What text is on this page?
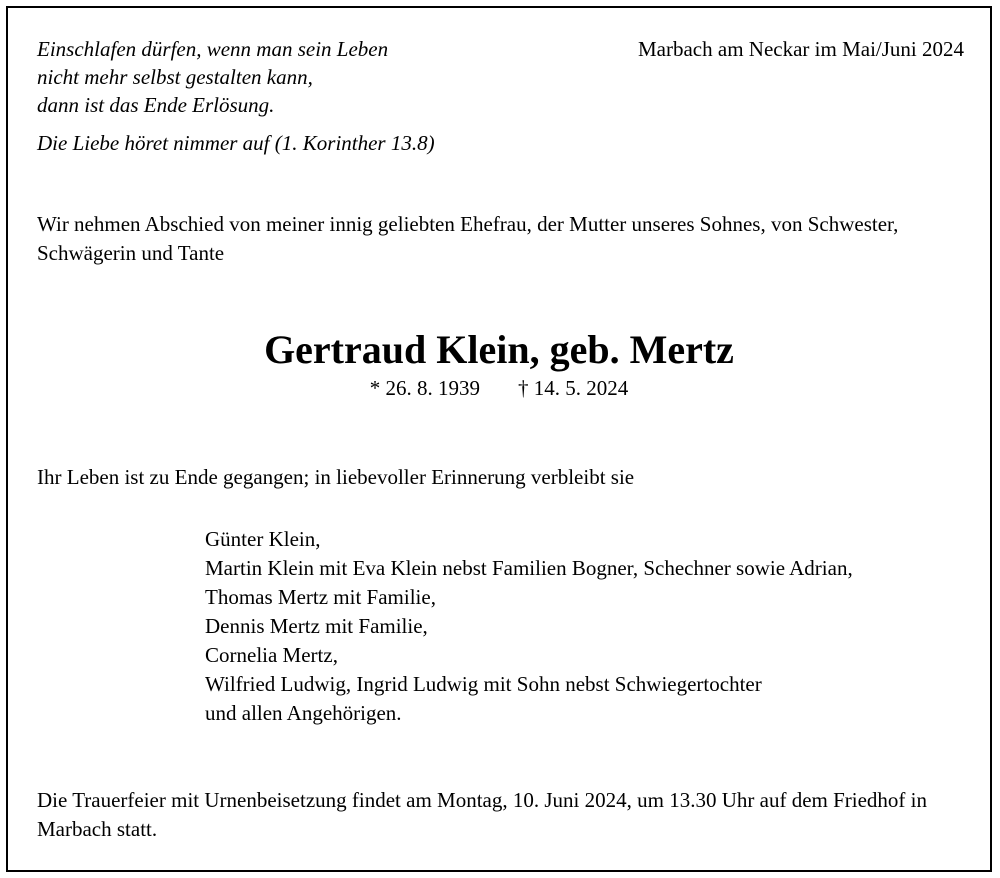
Einschlafen dürfen, wenn man sein Leben
nicht mehr selbst gestalten kann,
dann ist das Ende Erlösung.
Die Liebe höret nimmer auf (1. Korinther 13.8)
Marbach am Neckar im Mai/Juni 2024
Wir nehmen Abschied von meiner innig geliebten Ehefrau, der Mutter unseres Sohnes, von Schwester, Schwägerin und Tante
Gertraud Klein, geb. Mertz
* 26. 8. 1939 † 14. 5. 2024
Ihr Leben ist zu Ende gegangen; in liebevoller Erinnerung verbleibt sie
Günter Klein,
Martin Klein mit Eva Klein nebst Familien Bogner, Schechner sowie Adrian,
Thomas Mertz mit Familie,
Dennis Mertz mit Familie,
Cornelia Mertz,
Wilfried Ludwig, Ingrid Ludwig mit Sohn nebst Schwiegertochter
und allen Angehörigen.
Die Trauerfeier mit Urnenbeisetzung findet am Montag, 10. Juni 2024, um 13.30 Uhr auf dem Friedhof in Marbach statt.
